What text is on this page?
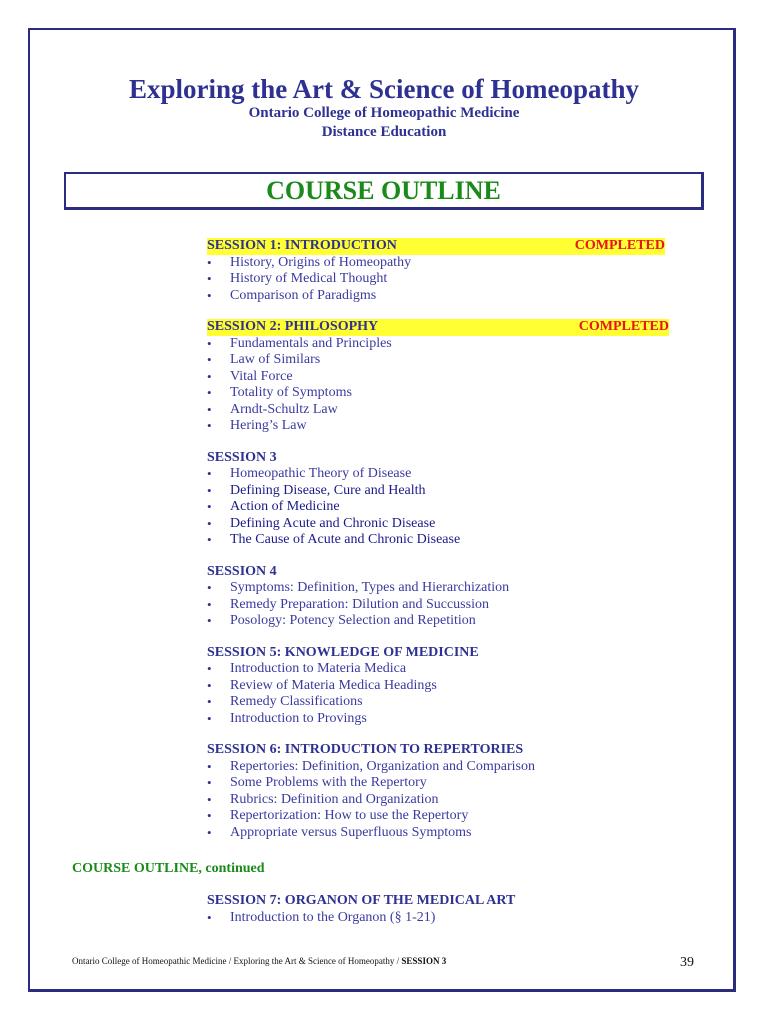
Exploring the Art & Science of Homeopathy
Ontario College of Homeopathic Medicine
Distance Education
COURSE OUTLINE
SESSION 1: INTRODUCTION	COMPLETED
• History, Origins of Homeopathy
• History of Medical Thought
• Comparison of Paradigms
SESSION 2: PHILOSOPHY	COMPLETED
• Fundamentals and Principles
• Law of Similars
• Vital Force
• Totality of Symptoms
• Arndt-Schultz Law
• Hering’s Law
SESSION 3
• Homeopathic Theory of Disease
• Defining Disease, Cure and Health
• Action of Medicine
• Defining Acute and Chronic Disease
• The Cause of Acute and Chronic Disease
SESSION 4
• Symptoms: Definition, Types and Hierarchization
• Remedy Preparation: Dilution and Succussion
• Posology: Potency Selection and Repetition
SESSION 5: KNOWLEDGE OF MEDICINE
• Introduction to Materia Medica
• Review of Materia Medica Headings
• Remedy Classifications
• Introduction to Provings
SESSION 6: INTRODUCTION TO REPERTORIES
• Repertories: Definition, Organization and Comparison
• Some Problems with the Repertory
• Rubrics: Definition and Organization
• Repertorization: How to use the Repertory
• Appropriate versus Superfluous Symptoms
COURSE OUTLINE, continued
SESSION 7: ORGANON OF THE MEDICAL ART
• Introduction to the Organon (§ 1-21)
Ontario College of Homeopathic Medicine / Exploring the Art & Science of Homeopathy / SESSION 3	39
